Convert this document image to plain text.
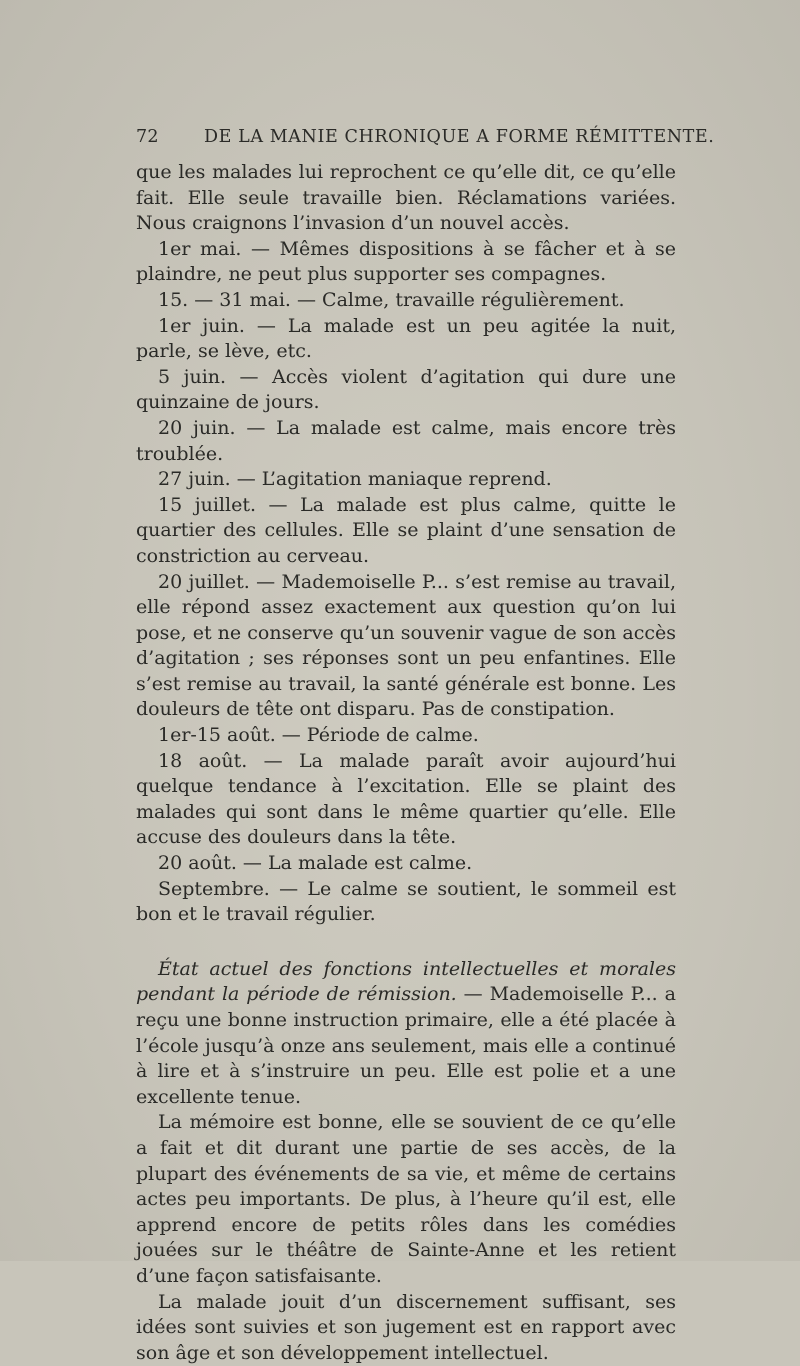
72	DE LA MANIE CHRONIQUE A FORME RÉMITTENTE.

que les malades lui reprochent ce qu’elle dit, ce qu’elle fait. Elle seule travaille bien. Réclamations variées. Nous craignons l’invasion d’un nouvel accès.

1er mai. — Mêmes dispositions à se fâcher et à se plaindre, ne peut plus supporter ses compagnes.

15. — 31 mai. — Calme, travaille régulièrement.

1er juin. — La malade est un peu agitée la nuit, parle, se lève, etc.

5 juin. — Accès violent d’agitation qui dure une quinzaine de jours.

20 juin. — La malade est calme, mais encore très troublée.

27 juin. — L’agitation maniaque reprend.

15 juillet. — La malade est plus calme, quitte le quartier des cellules. Elle se plaint d’une sensation de constriction au cerveau.

20 juillet. — Mademoiselle P... s’est remise au travail, elle répond assez exactement aux question qu’on lui pose, et ne conserve qu’un souvenir vague de son accès d’agitation ; ses réponses sont un peu enfantines. Elle s’est remise au travail, la santé générale est bonne. Les douleurs de tête ont disparu. Pas de constipation.

1er-15 août. — Période de calme.

18 août. — La malade paraît avoir aujourd’hui quelque tendance à l’excitation. Elle se plaint des malades qui sont dans le même quartier qu’elle. Elle accuse des douleurs dans la tête.

20 août. — La malade est calme.

Septembre. — Le calme se soutient, le sommeil est bon et le travail régulier.

État actuel des fonctions intellectuelles et morales pendant la période de rémission. — Mademoiselle P... a reçu une bonne instruction primaire, elle a été placée à l’école jusqu’à onze ans seulement, mais elle a continué à lire et à s’instruire un peu. Elle est polie et a une excellente tenue.

La mémoire est bonne, elle se souvient de ce qu’elle a fait et dit durant une partie de ses accès, de la plupart des événements de sa vie, et même de certains actes peu importants. De plus, à l’heure qu’il est, elle apprend encore de petits rôles dans les comédies jouées sur le théâtre de Sainte-Anne et les retient d’une façon satisfaisante.

La malade jouit d’un discernement suffisant, ses idées sont suivies et son jugement est en rapport avec son âge et son développement intellectuel.
